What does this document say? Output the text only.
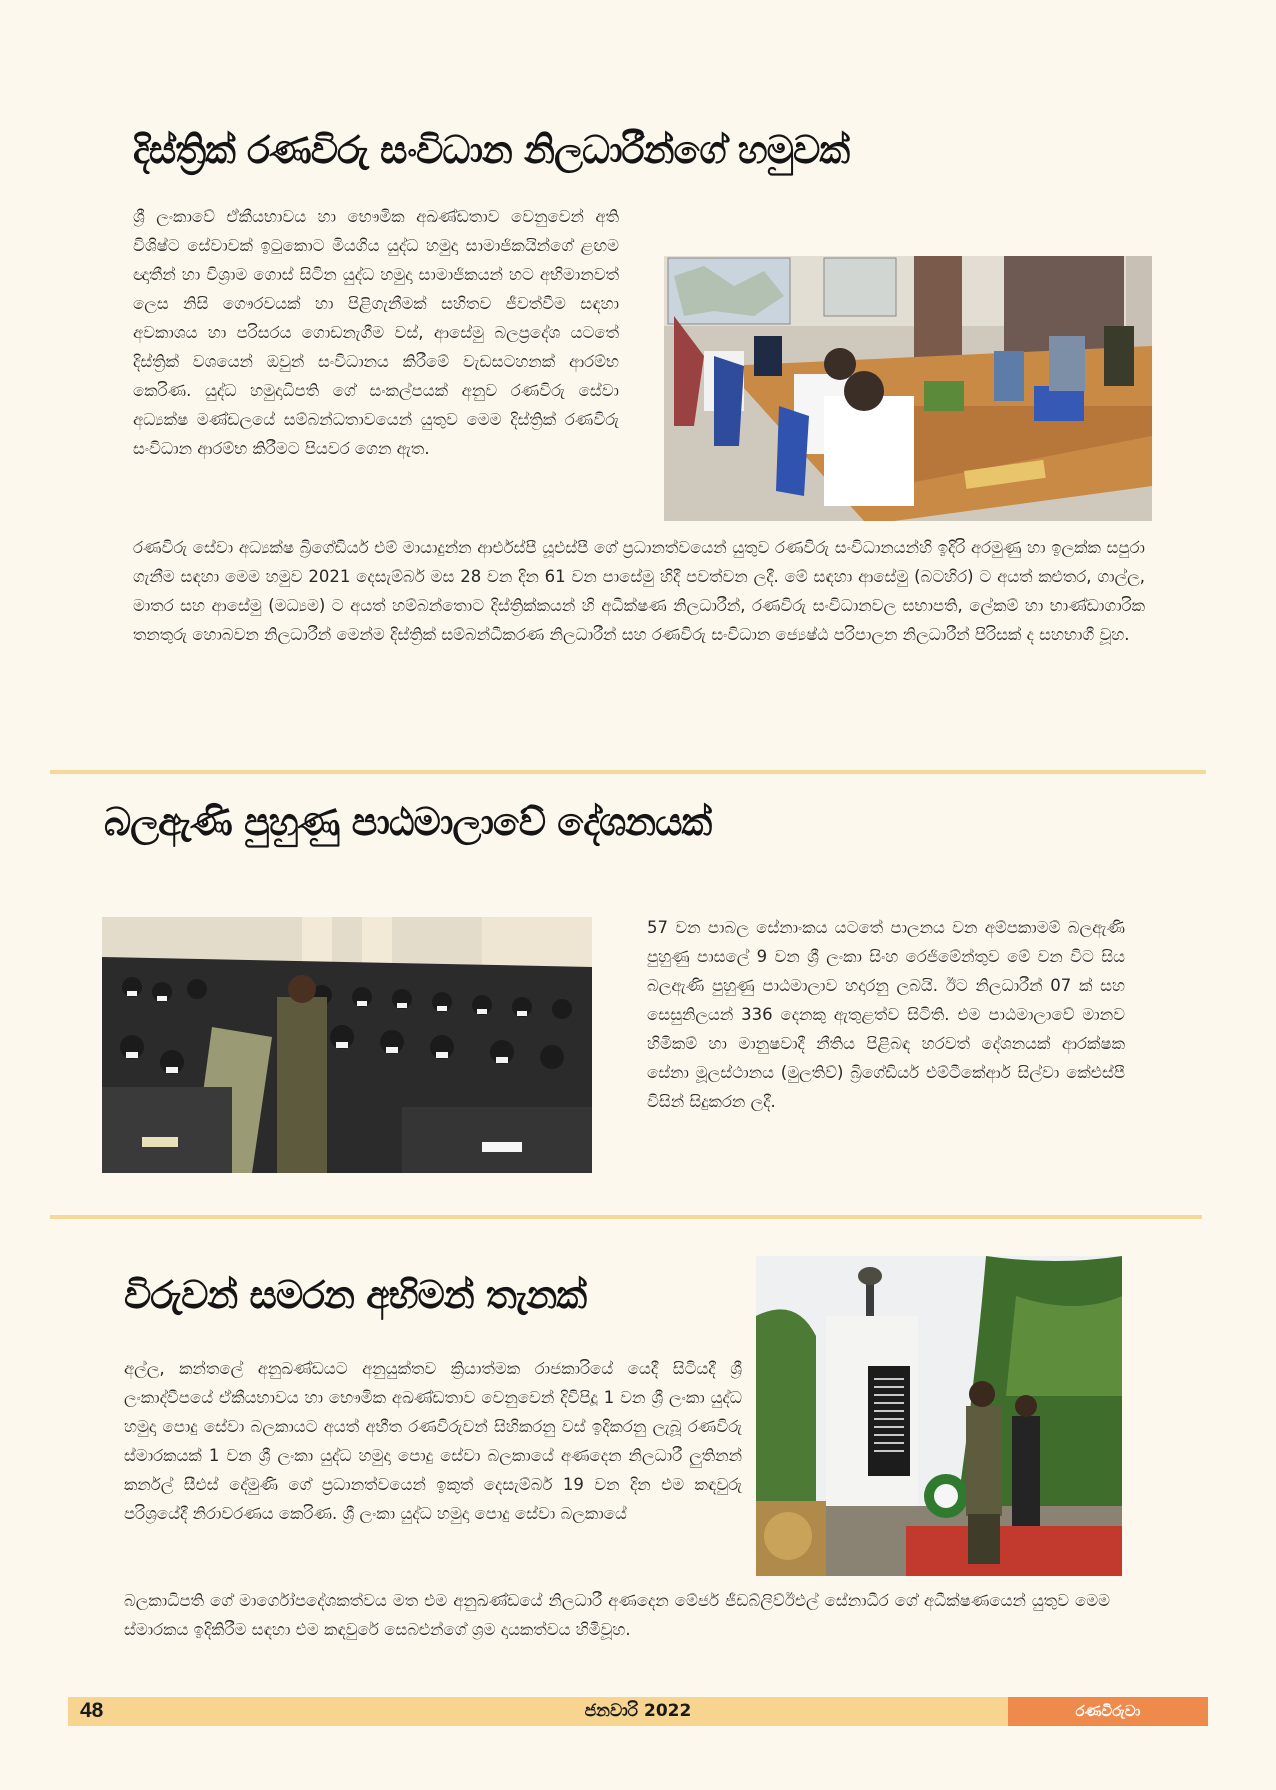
දිස්ත්‍රික් රණවිරු සංවිධාන නිලධාරීන්ගේ හමුවක්

ශ්‍රී ලංකාවේ ඒකීයභාවය හා භෞමික අඛණ්ඩතාව වෙනුවෙන් අති විශිෂ්ට සේවාවක් ඉටුකොට මියගිය යුද්ධ හමුදා සාමාජිකයින්ගේ ළඟම ඥාතීන් හා විශ්‍රාම ගොස් සිටින යුද්ධ හමුදා සාමාජිකයන් හට අභිමානවත් ලෙස නිසි ගෞරවයක් හා පිළිගැනීමක් සහිතව ජීවත්වීම සඳහා අවකාශය හා පරිසරය ගොඩනැගීම වස්, ආසේමු බලප්‍රදේශ යටතේ දිස්ත්‍රික් වශයෙන් ඔවුන් සංවිධානය කිරීමේ වැඩසටහනක් ආරම්භ කෙරිණ. යුද්ධ හමුදාධිපති ගේ සංකල්පයක් අනුව රණවිරු සේවා අධ්‍යක්ෂ මණ්ඩලයේ සම්බන්ධතාවයෙන් යුතුව මෙම දිස්ත්‍රික් රණවිරු සංවිධාන ආරම්භ කිරීමට පියවර ගෙන ඇත.

රණවිරු සේවා අධ්‍යක්ෂ බ්‍රිගේඩියර් එම් මායාදුන්න ආර්එස්පී යූඑස්පී ගේ ප්‍රධානත්වයෙන් යුතුව රණවිරු සංවිධානයන්හි ඉදිරි අරමුණු හා ඉලක්ක සපුරා ගැනීම සඳහා මෙම හමුව 2021 දෙසැම්බර් මස 28 වන දින 61 වන පාසේමු හිදී පවත්වන ලදී. මේ සඳහා ආසේමු (බටහිර) ට අයත් කළුතර, ගාල්ල, මාතර සහ ආසේමු (මධ්‍යම) ට අයත් හම්බන්තොට දිස්ත්‍රික්කයන් හි අධීක්ෂණ නිලධාරීන්, රණවිරු සංවිධානවල සභාපති, ලේකම් හා භාණ්ඩාගාරික තනතුරු හොබවන නිලධාරීන් මෙන්ම දිස්ත්‍රික් සම්බන්ධීකරණ නිලධාරීන් සහ රණවිරු සංවිධාන ජ්‍යෙෂ්ඨ පරිපාලන නිලධාරීන් පිරිසක් ද සහභාගී වූහ.

බලඇණි පුහුණු පාඨමාලාවේ දේශනයක්

57 වන පාබල සේනාංකය යටතේ පාලනය වන අම්පකාමම් බලඇණි පුහුණු පාසලේ 9 වන ශ්‍රී ලංකා සිංහ රෙජිමේන්තුව මේ වන විට සිය බලඇණි පුහුණු පාඨමාලාව හදාරනු ලබයි. ඊට නිලධාරීන් 07 ක් සහ සෙසුනිලයන් 336 දෙනකු ඇතුළත්ව සිටිති. එම පාඨමාලාවේ මානව හිමිකම් හා මානුෂවාදී නීතිය පිළිබඳ හරවත් දේශනයක් ආරක්ෂක සේනා මූලස්ථානය (මුලතිව්) බ්‍රිගේඩියර් එම්ටීකේආර් සිල්වා කේඑස්පී විසින් සිදුකරන ලදී.

විරුවන් සමරන අභිමන් තැනක්

අල්ල, කන්තලේ අනුඛණ්ඩයට අනුයුක්තව ක්‍රියාත්මක රාජකාරියේ යෙදී සිටියදී ශ්‍රී ලංකාද්වීපයේ ඒකීයභාවය හා භෞමික අඛණ්ඩතාව වෙනුවෙන් දිවිපිදූ 1 වන ශ්‍රී ලංකා යුද්ධ හමුදා පොදු සේවා බලකායට අයත් අභීත රණවිරුවන් සිහිකරනු වස් ඉදිකරනු ලැබූ රණවිරු ස්මාරකයක් 1 වන ශ්‍රී ලංකා යුද්ධ හමුදා පොදු සේවා බලකායේ අණදෙන නිලධාරී ලුතිනන් කර්නල් සීඑස් දේමුණි ගේ ප්‍රධානත්වයෙන් ඉකුත් දෙසැම්බර් 19 වන දින එම කඳවුරු පරිශ්‍රයේදී නිරාවරණය කෙරිණ. ශ්‍රී ලංකා යුද්ධ හමුදා පොදු සේවා බලකායේ

බලකාධිපති ගේ මාර්ගෝපදේශකත්වය මත එම අනුඛණ්ඩයේ නිලධාරී අණදෙන මේජර් ජීඩබ්ලිව්ඊඑල් සේනාධීර ගේ අධීක්ෂණයෙන් යුතුව මෙම ස්මාරකය ඉදිකිරීම සඳහා එම කඳවුරේ සෙබළුන්ගේ ශ්‍රම දායකත්වය හිමිවූහ.

48	ජනවාරි 2022	රණවිරුවා
